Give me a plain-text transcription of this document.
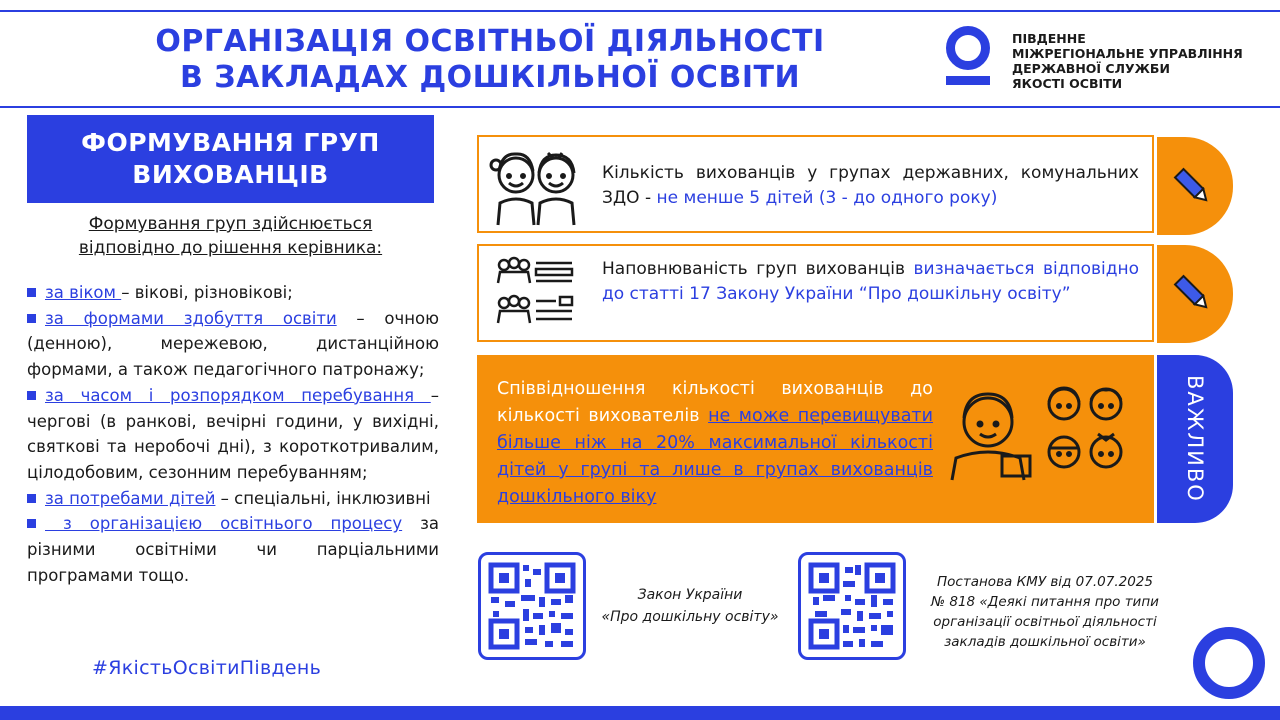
ОРГАНІЗАЦІЯ ОСВІТНЬОЇ ДІЯЛЬНОСТІ
В ЗАКЛАДАХ ДОШКІЛЬНОЇ ОСВІТИ
ПІВДЕННЕ
МІЖРЕГІОНАЛЬНЕ УПРАВЛІННЯ
ДЕРЖАВНОЇ СЛУЖБИ
ЯКОСТІ ОСВІТИ
ФОРМУВАННЯ ГРУП
ВИХОВАНЦІВ
Формування груп здійснюється
відповідно до рішення керівника:

за віком – вікові, різновікові;

за формами здобуття освіти – очною (денною), мережевою, дистанційною формами, а також педагогічного патронажу;

за часом і розпорядком перебування – чергові (в ранкові, вечірні години, у вихідні, святкові та неробочі дні), з короткотривалим, цілодобовим, сезонним перебуванням;

за потребами дітей – спеціальні, інклюзивні

з організацією освітнього процесу за різними освітніми чи парціальними програмами тощо.

#ЯкістьОсвітиПівдень
Кількість вихованців у групах державних, комунальних ЗДО - не менше 5 дітей (3 - до одного року)
Наповнюваність груп вихованців визначається відповідно до статті 17 Закону України “Про дошкільну освіту”
Співвідношення кількості вихованців до кількості вихователів не може перевищувати більше ніж на 20% максимальної кількості дітей у групі та лише в групах вихованців дошкільного віку	ВАЖЛИВО
Закон України
«Про дошкільну освіту»
Постанова КМУ від 07.07.2025
№ 818 «Деякі питання про типи
організації освітньої діяльності
закладів дошкільної освіти»
